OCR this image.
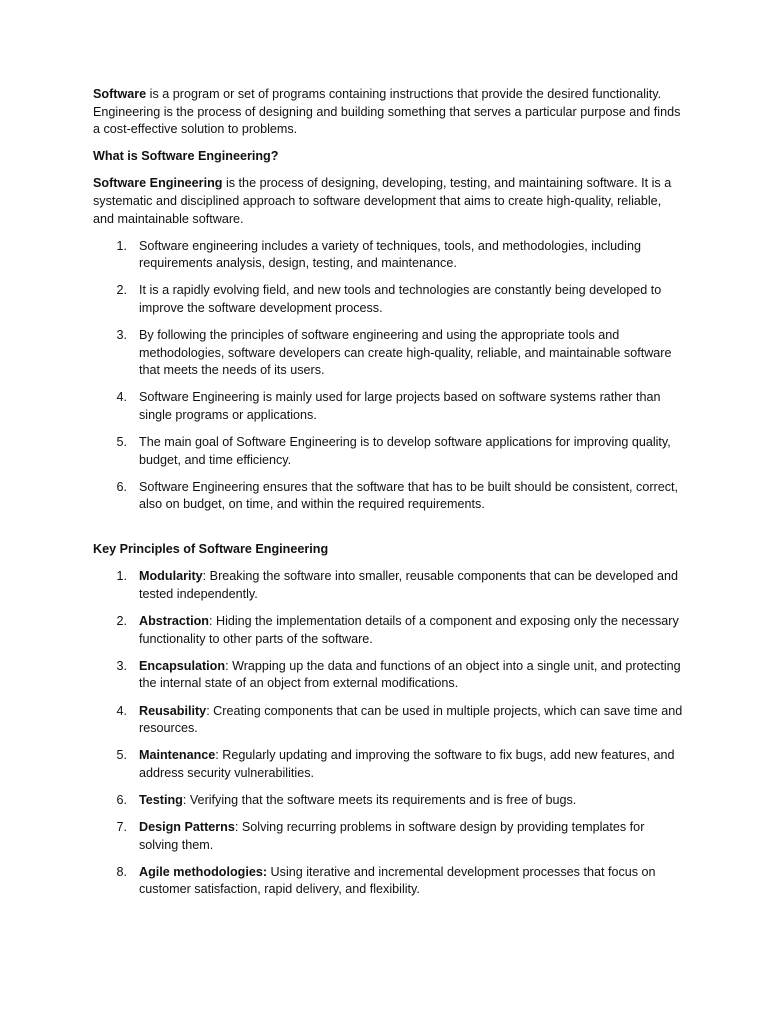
Software is a program or set of programs containing instructions that provide the desired functionality. Engineering is the process of designing and building something that serves a particular purpose and finds a cost-effective solution to problems.

What is Software Engineering?

Software Engineering is the process of designing, developing, testing, and maintaining software. It is a systematic and disciplined approach to software development that aims to create high-quality, reliable, and maintainable software.

1. Software engineering includes a variety of techniques, tools, and methodologies, including requirements analysis, design, testing, and maintenance.
2. It is a rapidly evolving field, and new tools and technologies are constantly being developed to improve the software development process.
3. By following the principles of software engineering and using the appropriate tools and methodologies, software developers can create high-quality, reliable, and maintainable software that meets the needs of its users.
4. Software Engineering is mainly used for large projects based on software systems rather than single programs or applications.
5. The main goal of Software Engineering is to develop software applications for improving quality, budget, and time efficiency.
6. Software Engineering ensures that the software that has to be built should be consistent, correct, also on budget, on time, and within the required requirements.

Key Principles of Software Engineering

1. Modularity: Breaking the software into smaller, reusable components that can be developed and tested independently.
2. Abstraction: Hiding the implementation details of a component and exposing only the necessary functionality to other parts of the software.
3. Encapsulation: Wrapping up the data and functions of an object into a single unit, and protecting the internal state of an object from external modifications.
4. Reusability: Creating components that can be used in multiple projects, which can save time and resources.
5. Maintenance: Regularly updating and improving the software to fix bugs, add new features, and address security vulnerabilities.
6. Testing: Verifying that the software meets its requirements and is free of bugs.
7. Design Patterns: Solving recurring problems in software design by providing templates for solving them.
8. Agile methodologies: Using iterative and incremental development processes that focus on customer satisfaction, rapid delivery, and flexibility.
